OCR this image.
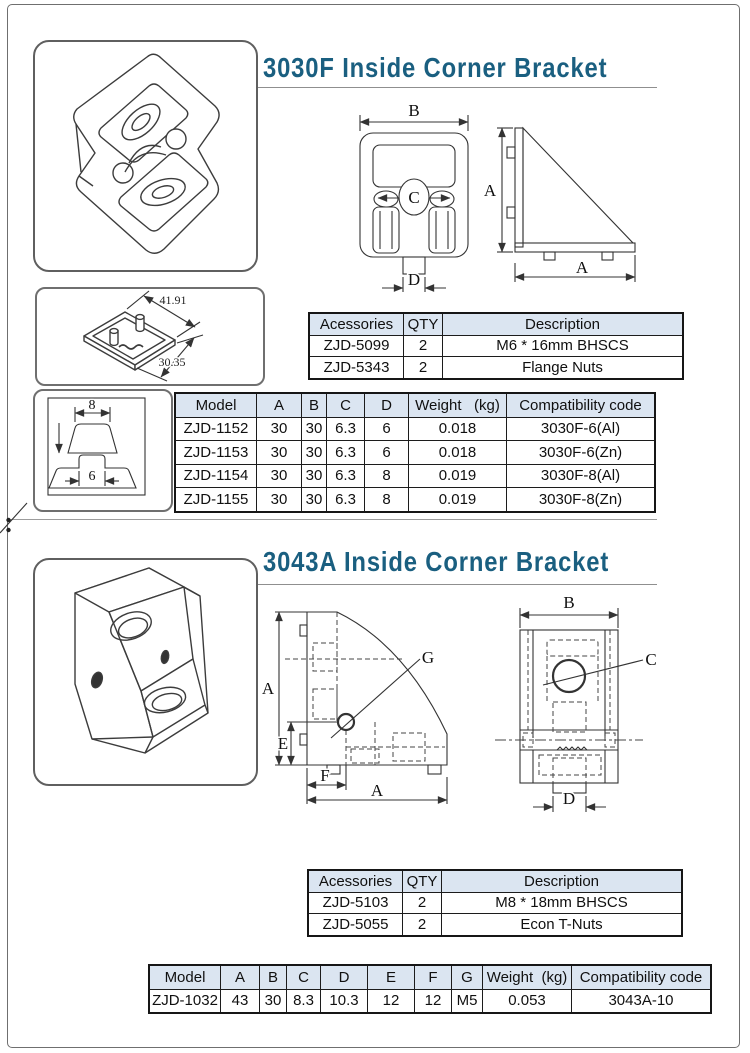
3030F Inside Corner Bracket
B
C
D
A
A
41.91
30.35
8
6
Acessories	QTY	Description
ZJD-5099	2	M6 * 16mm BHSCS
ZJD-5343	2	Flange Nuts
Model	A	B	C	D	Weight   (kg)	Compatibility code
ZJD-1152	30	30	6.3	6	0.018	3030F-6(Al)
ZJD-1153	30	30	6.3	6	0.018	3030F-6(Zn)
ZJD-1154	30	30	6.3	8	0.019	3030F-8(Al)
ZJD-1155	30	30	6.3	8	0.019	3030F-8(Zn)
3043A Inside Corner Bracket
A
E
F
A
G
B
C
D
Acessories	QTY	Description
ZJD-5103	2	M8 * 18mm BHSCS
ZJD-5055	2	Econ T-Nuts
Model	A	B	C	D	E	F	G	Weight  (kg)	Compatibility code
ZJD-1032	43	30	8.3	10.3	12	12	M5	0.053	3043A-10
